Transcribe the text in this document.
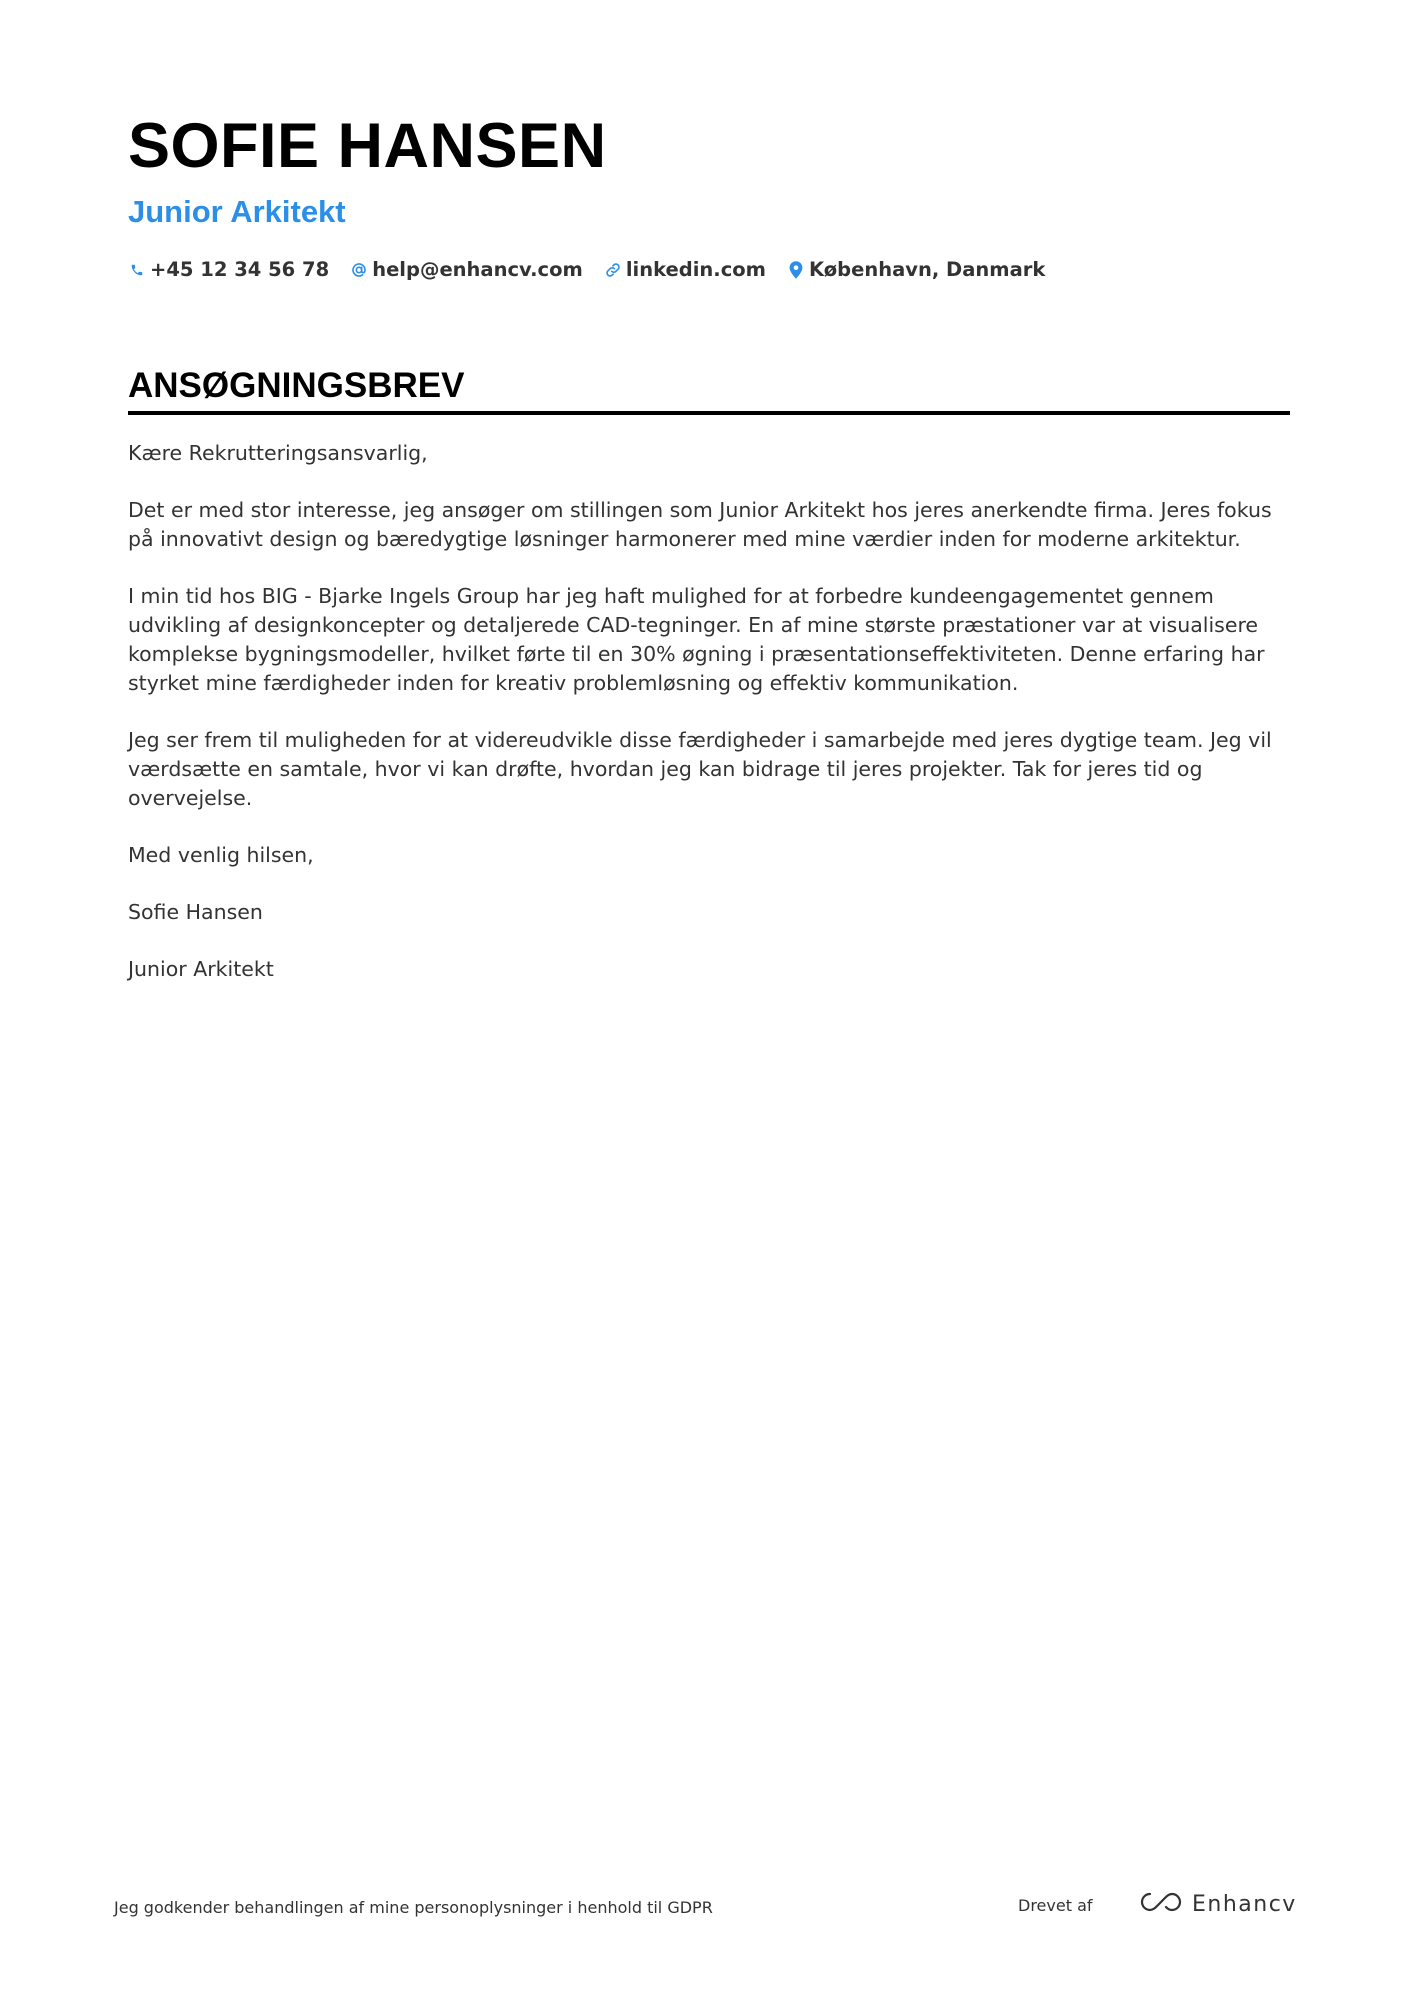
SOFIE HANSEN
Junior Arkitekt
+45 12 34 56 78 help@enhancv.com linkedin.com København, Danmark
ANSØGNINGSBREV

Kære Rekrutteringsansvarlig,

Det er med stor interesse, jeg ansøger om stillingen som Junior Arkitekt hos jeres anerkendte firma. Jeres fokus på innovativt design og bæredygtige løsninger harmonerer med mine værdier inden for moderne arkitektur.

I min tid hos BIG - Bjarke Ingels Group har jeg haft mulighed for at forbedre kundeengagementet gennem udvikling af designkoncepter og detaljerede CAD-tegninger. En af mine største præstationer var at visualisere komplekse bygningsmodeller, hvilket førte til en 30% øgning i præsentationseffektiviteten. Denne erfaring har styrket mine færdigheder inden for kreativ problemløsning og effektiv kommunikation.

Jeg ser frem til muligheden for at videreudvikle disse færdigheder i samarbejde med jeres dygtige team. Jeg vil værdsætte en samtale, hvor vi kan drøfte, hvordan jeg kan bidrage til jeres projekter. Tak for jeres tid og overvejelse.

Med venlig hilsen,

Sofie Hansen

Junior Arkitekt

Jeg godkender behandlingen af mine personoplysninger i henhold til GDPR	Drevet af	Enhancv
